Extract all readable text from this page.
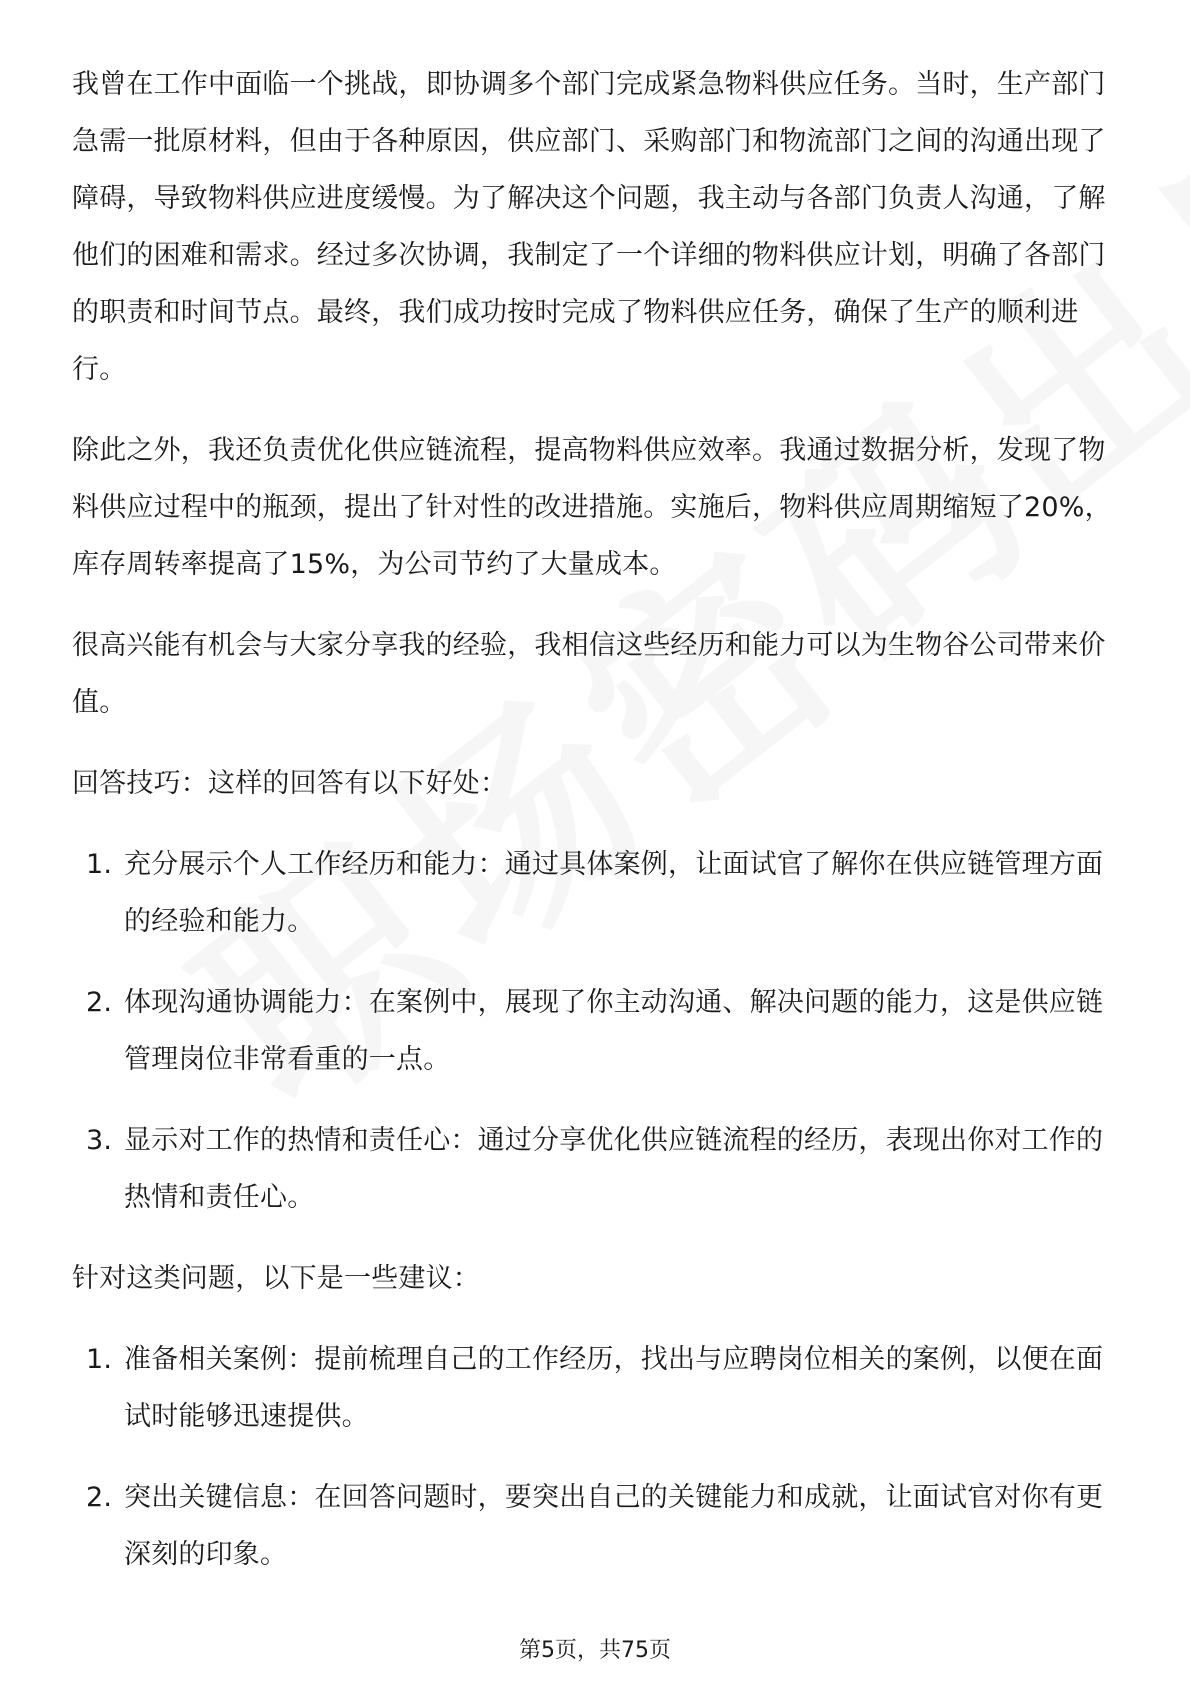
我曾在工作中面临一个挑战，即协调多个部门完成紧急物料供应任务。当时，生产部门急需一批原材料，但由于各种原因，供应部门、采购部门和物流部门之间的沟通出现了障碍，导致物料供应进度缓慢。为了解决这个问题，我主动与各部门负责人沟通，了解他们的困难和需求。经过多次协调，我制定了一个详细的物料供应计划，明确了各部门的职责和时间节点。最终，我们成功按时完成了物料供应任务，确保了生产的顺利进行。

除此之外，我还负责优化供应链流程，提高物料供应效率。我通过数据分析，发现了物料供应过程中的瓶颈，提出了针对性的改进措施。实施后，物料供应周期缩短了20%，库存周转率提高了15%，为公司节约了大量成本。

很高兴能有机会与大家分享我的经验，我相信这些经历和能力可以为生物谷公司带来价值。

回答技巧：这样的回答有以下好处：

1. 充分展示个人工作经历和能力：通过具体案例，让面试官了解你在供应链管理方面的经验和能力。
2. 体现沟通协调能力：在案例中，展现了你主动沟通、解决问题的能力，这是供应链管理岗位非常看重的一点。
3. 显示对工作的热情和责任心：通过分享优化供应链流程的经历，表现出你对工作的热情和责任心。

针对这类问题，以下是一些建议：

1. 准备相关案例：提前梳理自己的工作经历，找出与应聘岗位相关的案例，以便在面试时能够迅速提供。
2. 突出关键信息：在回答问题时，要突出自己的关键能力和成就，让面试官对你有更深刻的印象。
第5页，共75页
